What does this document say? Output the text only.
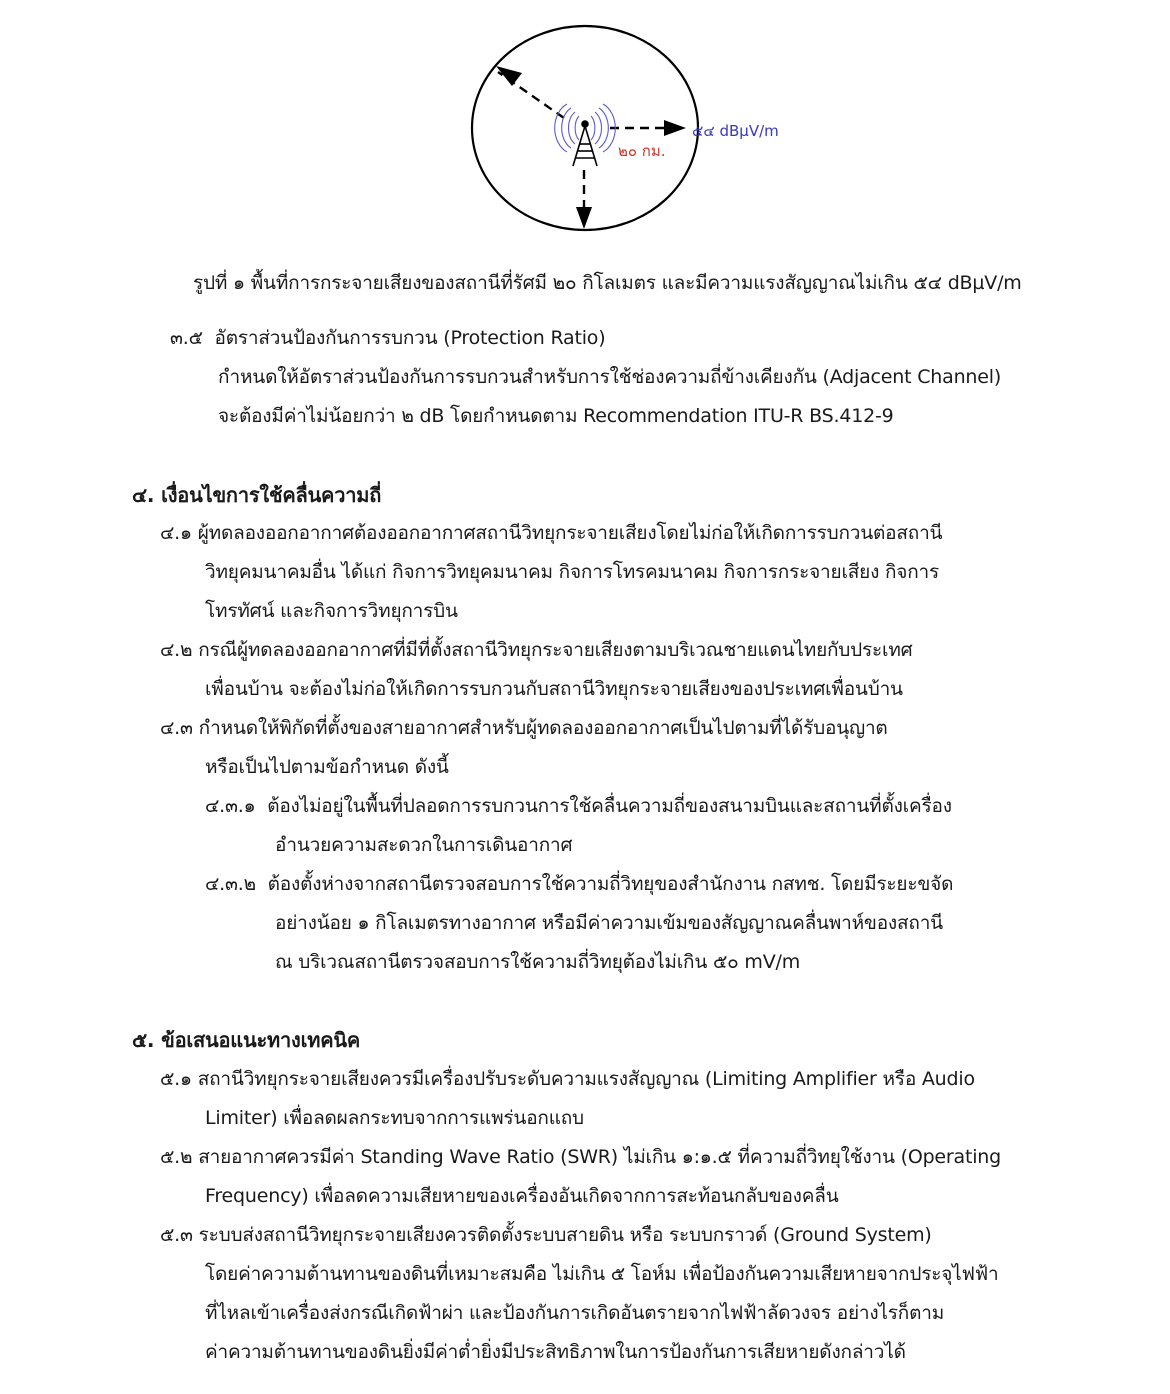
๒๐ กม.
๕๔ dBµV/m
รูปที่ ๑ พื้นที่การกระจายเสียงของสถานีที่รัศมี ๒๐ กิโลเมตร และมีความแรงสัญญาณไม่เกิน ๕๔ dBµV/m
๓.๕ อัตราส่วนป้องกันการรบกวน (Protection Ratio)
กำหนดให้อัตราส่วนป้องกันการรบกวนสำหรับการใช้ช่องความถี่ข้างเคียงกัน (Adjacent Channel)
จะต้องมีค่าไม่น้อยกว่า ๒ dB โดยกำหนดตาม Recommendation ITU-R BS.412-9
๔. เงื่อนไขการใช้คลื่นความถี่
๔.๑ ผู้ทดลองออกอากาศต้องออกอากาศสถานีวิทยุกระจายเสียงโดยไม่ก่อให้เกิดการรบกวนต่อสถานี
วิทยุคมนาคมอื่น ได้แก่ กิจการวิทยุคมนาคม กิจการโทรคมนาคม กิจการกระจายเสียง กิจการ
โทรทัศน์ และกิจการวิทยุการบิน
๔.๒ กรณีผู้ทดลองออกอากาศที่มีที่ตั้งสถานีวิทยุกระจายเสียงตามบริเวณชายแดนไทยกับประเทศ
เพื่อนบ้าน จะต้องไม่ก่อให้เกิดการรบกวนกับสถานีวิทยุกระจายเสียงของประเทศเพื่อนบ้าน
๔.๓ กำหนดให้พิกัดที่ตั้งของสายอากาศสำหรับผู้ทดลองออกอากาศเป็นไปตามที่ได้รับอนุญาต
หรือเป็นไปตามข้อกำหนด ดังนี้
๔.๓.๑ ต้องไม่อยู่ในพื้นที่ปลอดการรบกวนการใช้คลื่นความถี่ของสนามบินและสถานที่ตั้งเครื่อง
อำนวยความสะดวกในการเดินอากาศ
๔.๓.๒ ต้องตั้งห่างจากสถานีตรวจสอบการใช้ความถี่วิทยุของสำนักงาน กสทช. โดยมีระยะขจัด
อย่างน้อย ๑ กิโลเมตรทางอากาศ หรือมีค่าความเข้มของสัญญาณคลื่นพาห์ของสถานี
ณ บริเวณสถานีตรวจสอบการใช้ความถี่วิทยุต้องไม่เกิน ๕๐ mV/m
๕. ข้อเสนอแนะทางเทคนิค
๕.๑ สถานีวิทยุกระจายเสียงควรมีเครื่องปรับระดับความแรงสัญญาณ (Limiting Amplifier หรือ Audio
Limiter) เพื่อลดผลกระทบจากการแพร่นอกแถบ
๕.๒ สายอากาศควรมีค่า Standing Wave Ratio (SWR) ไม่เกิน ๑:๑.๕ ที่ความถี่วิทยุใช้งาน (Operating
Frequency) เพื่อลดความเสียหายของเครื่องอันเกิดจากการสะท้อนกลับของคลื่น
๕.๓ ระบบส่งสถานีวิทยุกระจายเสียงควรติดตั้งระบบสายดิน หรือ ระบบกราวด์ (Ground System)
โดยค่าความต้านทานของดินที่เหมาะสมคือ ไม่เกิน ๕ โอห์ม เพื่อป้องกันความเสียหายจากประจุไฟฟ้า
ที่ไหลเข้าเครื่องส่งกรณีเกิดฟ้าผ่า และป้องกันการเกิดอันตรายจากไฟฟ้าลัดวงจร อย่างไรก็ตาม
ค่าความต้านทานของดินยิ่งมีค่าต่ำยิ่งมีประสิทธิภาพในการป้องกันการเสียหายดังกล่าวได้
